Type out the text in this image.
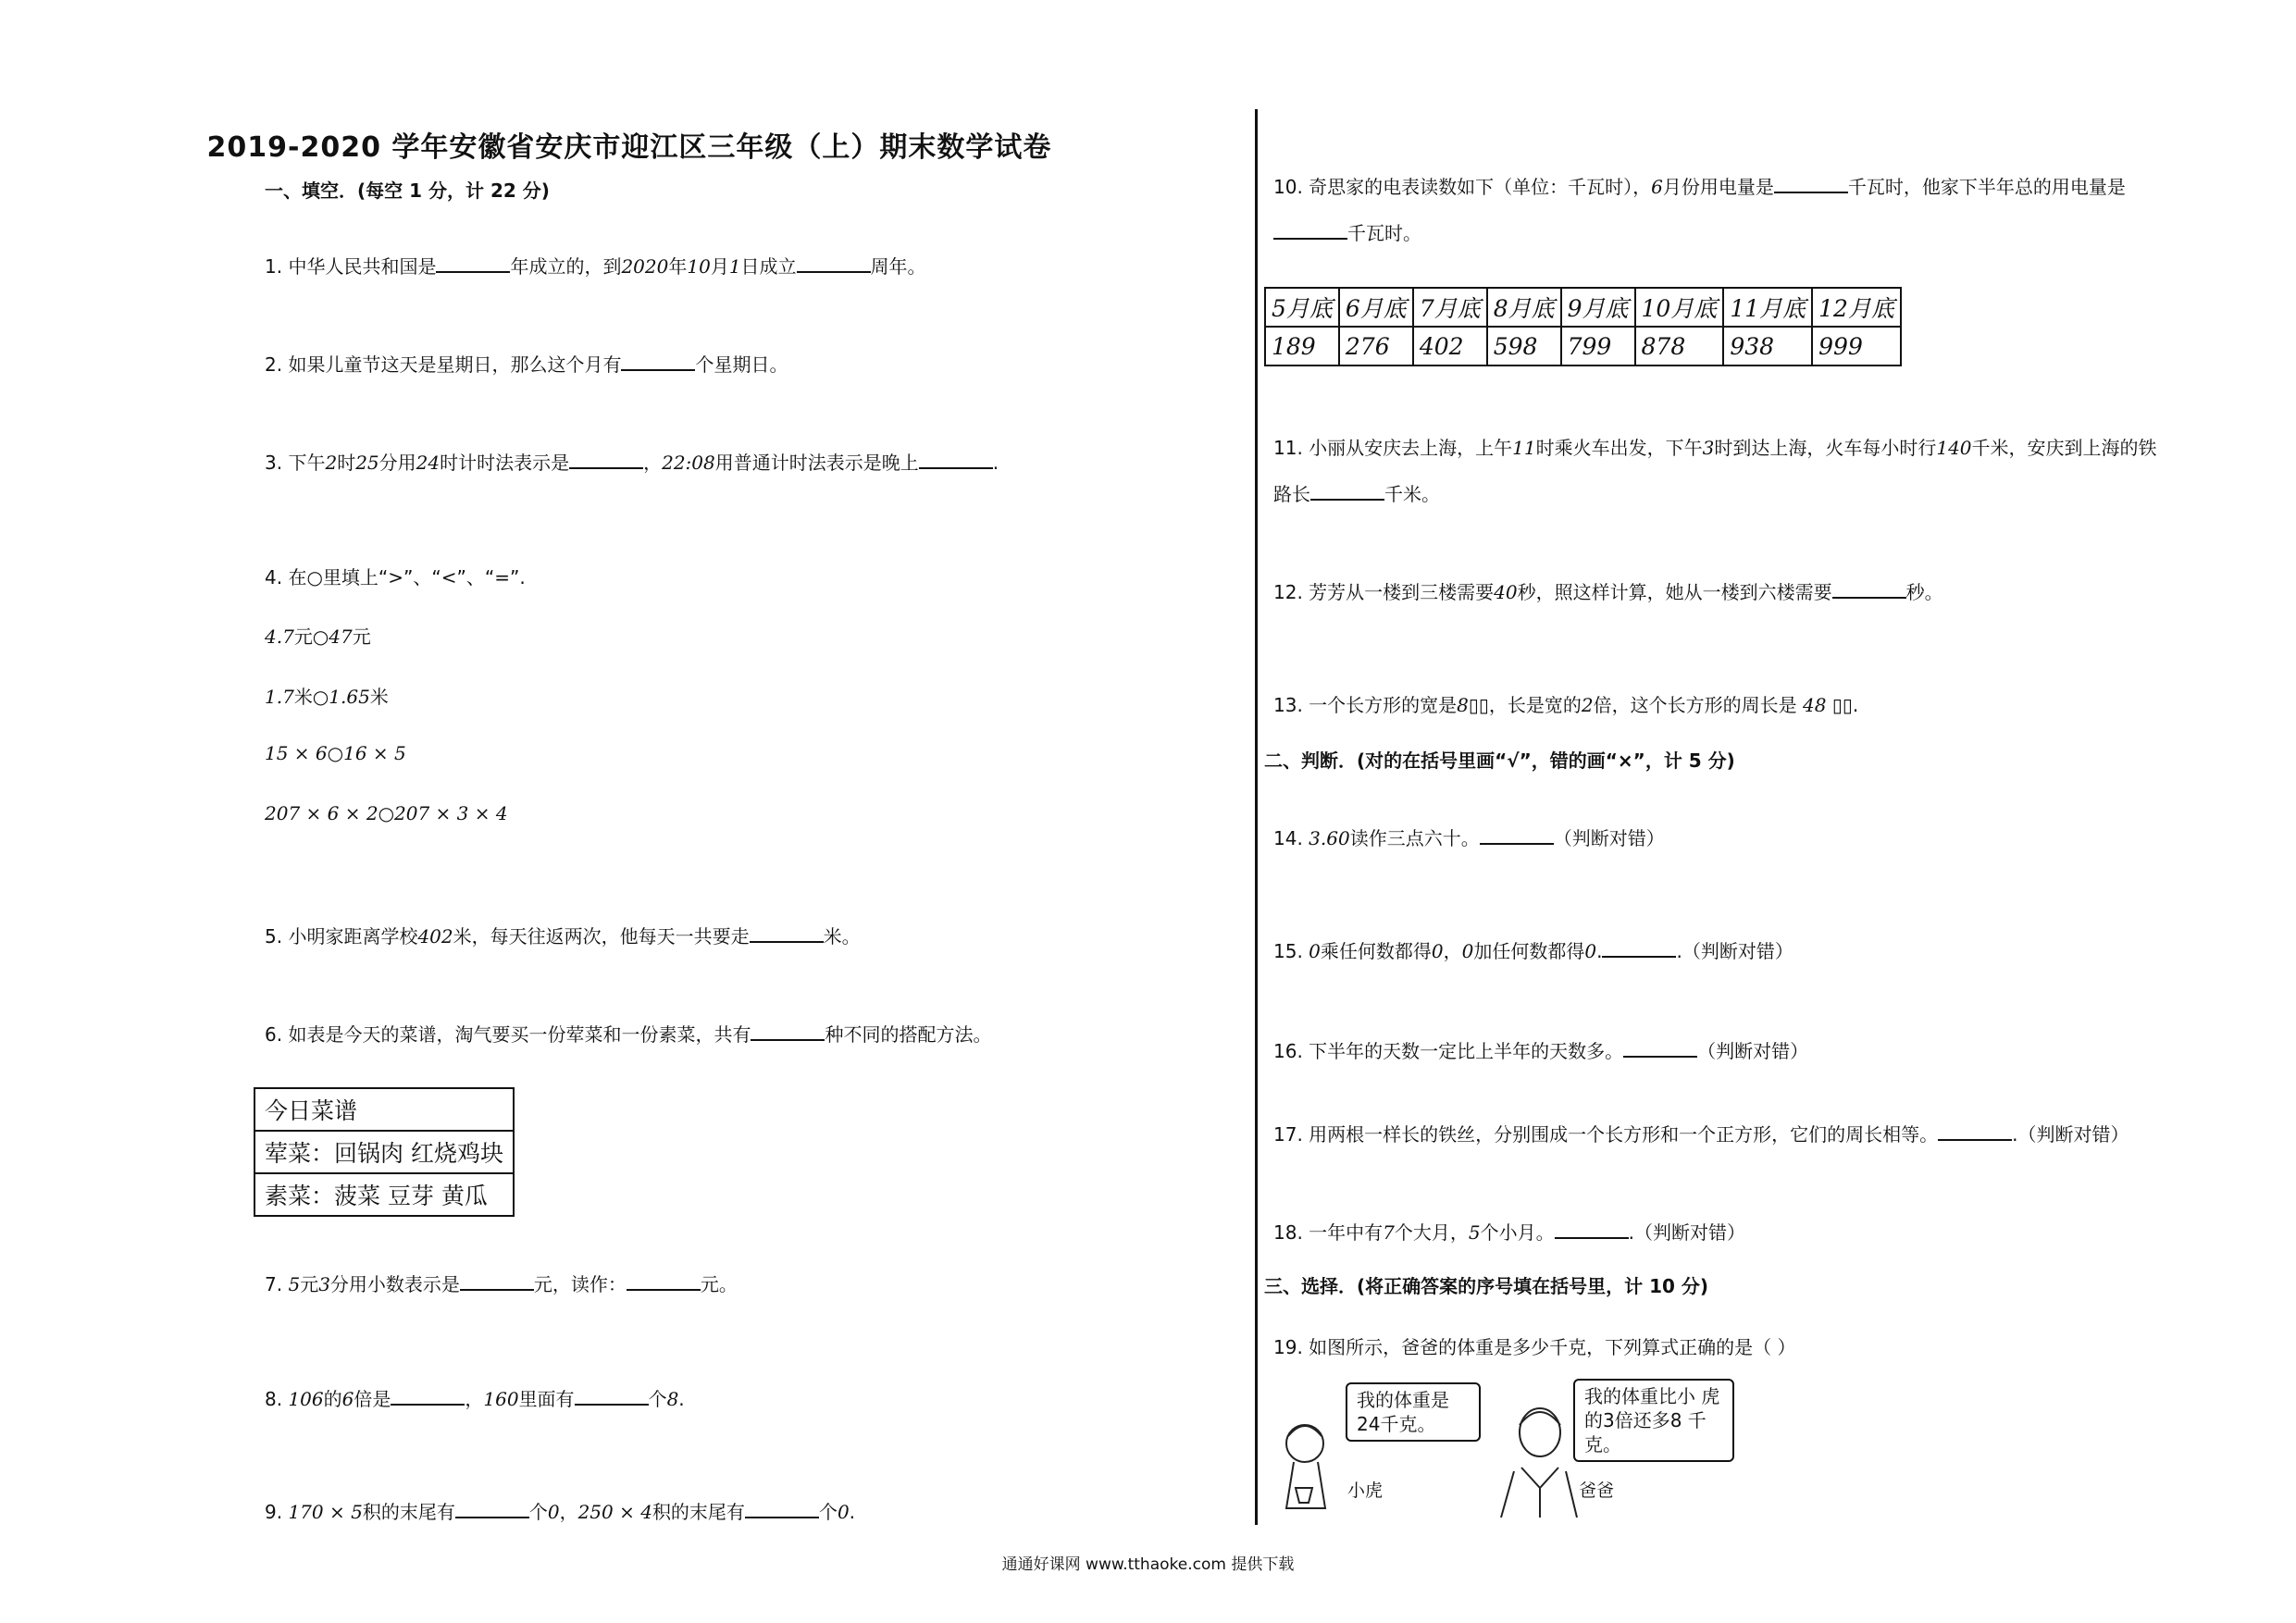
2019-2020 学年安徽省安庆市迎江区三年级（上）期末数学试卷
一、填空．(每空 1 分，计 22 分)
1. 中华人民共和国是	年成立的，到2020年10月1日成立	周年。
2. 如果儿童节这天是星期日，那么这个月有	个星期日。
3. 下午2时25分用24时计时法表示是	，22:08用普通计时法表示是晚上	.
4. 在○里填上“>”、“<”、“=”.
4.7元○47元
1.7米○1.65米
15 × 6○16 × 5
207 × 6 × 2○207 × 3 × 4
5. 小明家距离学校402米，每天往返两次，他每天一共要走	米。
6. 如表是今天的菜谱，淘气要买一份荤菜和一份素菜，共有	种不同的搭配方法。
今日菜谱
荤菜：回锅肉 红烧鸡块
素菜：菠菜 豆芽 黄瓜
7. 5元3分用小数表示是	元，读作：	元。
8. 106的6倍是	，160里面有	个8.
9. 170 × 5积的末尾有	个0，250 × 4积的末尾有	个0.
10. 奇思家的电表读数如下（单位：千瓦时），6月份用电量是	千瓦时，他家下半年总的用电量是
千瓦时。
5月底	6月底	7月底	8月底	9月底	10月底	11月底	12月底
189	276	402	598	799	878	938	999
11. 小丽从安庆去上海，上午11时乘火车出发，下午3时到达上海，火车每小时行140千米，安庆到上海的铁
路长	千米。
12. 芳芳从一楼到三楼需要40秒，照这样计算，她从一楼到六楼需要	秒。
13. 一个长方形的宽是8▯▯，长是宽的2倍，这个长方形的周长是 48 ▯▯.
二、判断．(对的在括号里画“√”，错的画“×”，计 5 分)
14. 3.60读作三点六十。	（判断对错）
15. 0乘任何数都得0，0加任何数都得0.	.（判断对错）
16. 下半年的天数一定比上半年的天数多。	（判断对错）
17. 用两根一样长的铁丝，分别围成一个长方形和一个正方形，它们的周长相等。	.（判断对错）
18. 一年中有7个大月，5个小月。	.（判断对错）
三、选择．(将正确答案的序号填在括号里，计 10 分)
19. 如图所示，爸爸的体重是多少千克，下列算式正确的是（ ）
我的体重是 24千克。
我的体重比小 虎的3倍还多8 千克。
小虎	爸爸
通通好课网 www.tthaoke.com 提供下载
